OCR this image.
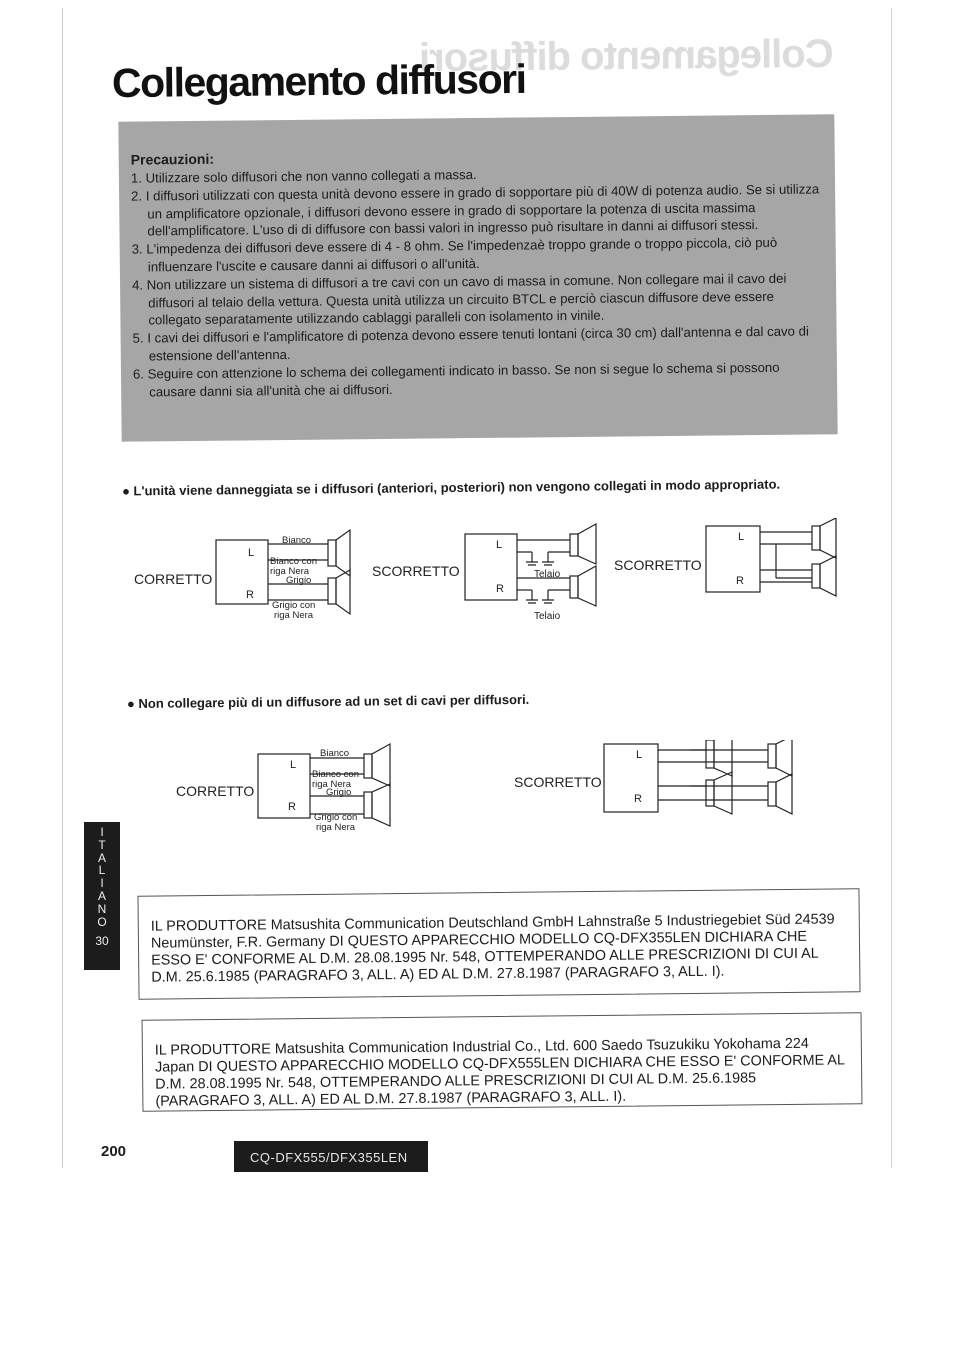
Collegamento diffusori
Collegamento diffusori
Precauzioni:
1. Utilizzare solo diffusori che non vanno collegati a massa.
2. I diffusori utilizzati con questa unità devono essere in grado di sopportare più di 40W di potenza audio. Se si utilizza un amplificatore opzionale, i diffusori devono essere in grado di sopportare la potenza di uscita massima dell'amplificatore. L'uso di di diffusore con bassi valori in ingresso può risultare in danni ai diffusori stessi.
3. L'impedenza dei diffusori deve essere di 4 - 8 ohm. Se l'impedenzaè troppo grande o troppo piccola, ciò può influenzare l'uscite e causare danni ai diffusori o all'unità.
4. Non utilizzare un sistema di diffusori a tre cavi con un cavo di massa in comune. Non collegare mai il cavo dei diffusori al telaio della vettura. Questa unità utilizza un circuito BTCL e perciò ciascun diffusore deve essere collegato separatamente utilizzando cablaggi paralleli con isolamento in vinile.
5. I cavi dei diffusori e l'amplificatore di potenza devono essere tenuti lontani (circa 30 cm) dall'antenna e dal cavo di estensione dell'antenna.
6. Seguire con attenzione lo schema dei collegamenti indicato in basso. Se non si segue lo schema si possono causare danni sia all'unità che ai diffusori.
● L'unità viene danneggiata se i diffusori (anteriori, posteriori) non vengono collegati in modo appropriato.
CORRETTO
L
R
Bianco
Bianco con
riga Nera
Grigio
Grigio con
riga Nera
SCORRETTO
L
R
Telaio
Telaio
SCORRETTO
L
R
● Non collegare più di un diffusore ad un set di cavi per diffusori.
CORRETTO
L
R
Bianco
Bianco con
riga Nera
Grigio
Grigio con
riga Nera
SCORRETTO
L
R
I
T
A
L
I
A
N
O
30
IL PRODUTTORE Matsushita Communication Deutschland GmbH Lahnstraße 5 Industriegebiet Süd 24539 Neumünster, F.R. Germany DI QUESTO APPARECCHIO MODELLO CQ-DFX355LEN DICHIARA CHE ESSO E' CONFORME AL D.M. 28.08.1995 Nr. 548, OTTEMPERANDO ALLE PRESCRIZIONI DI CUI AL D.M. 25.6.1985 (PARAGRAFO 3, ALL. A) ED AL D.M. 27.8.1987 (PARAGRAFO 3, ALL. I).
IL PRODUTTORE Matsushita Communication Industrial Co., Ltd. 600 Saedo Tsuzukiku Yokohama 224 Japan DI QUESTO APPARECCHIO MODELLO CQ-DFX555LEN DICHIARA CHE ESSO E' CONFORME AL D.M. 28.08.1995 Nr. 548, OTTEMPERANDO ALLE PRESCRIZIONI DI CUI AL D.M. 25.6.1985 (PARAGRAFO 3, ALL. A) ED AL D.M. 27.8.1987 (PARAGRAFO 3, ALL. I).
200	CQ-DFX555/DFX355LEN
